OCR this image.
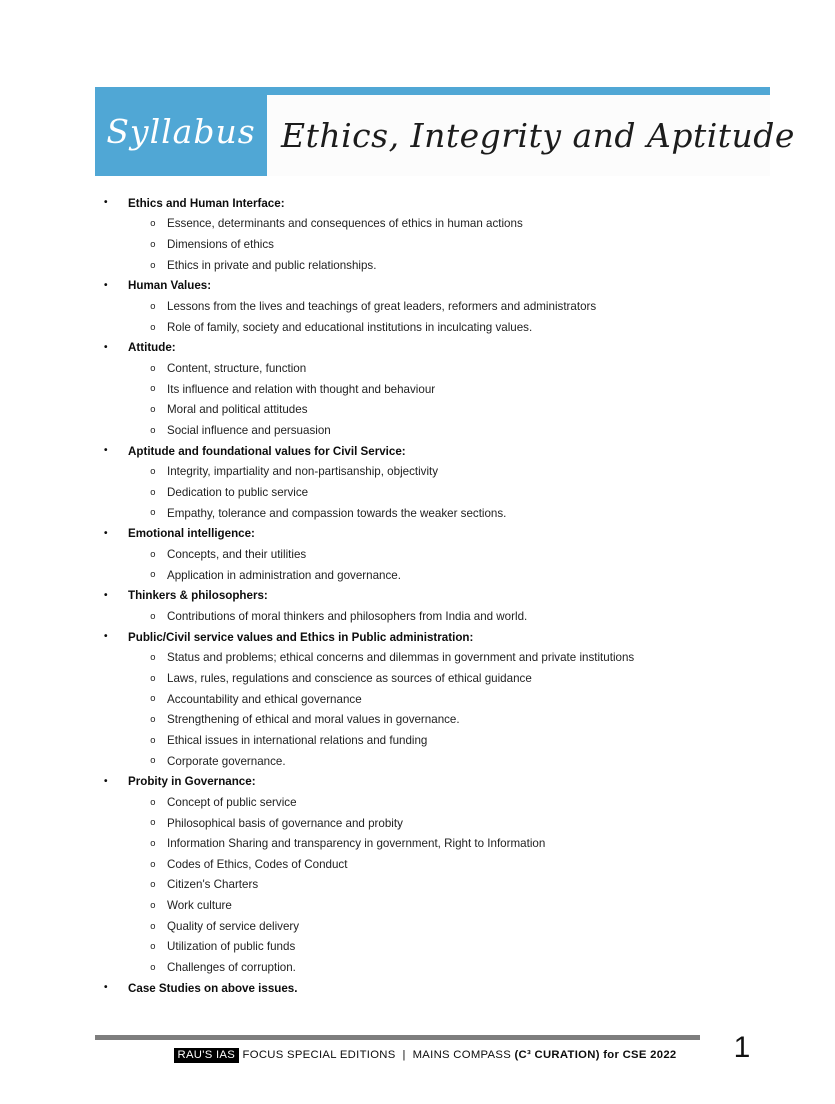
Syllabus Ethics, Integrity and Aptitude
•	Ethics and Human Interface:
o Essence, determinants and consequences of ethics in human actions
o Dimensions of ethics
o Ethics in private and public relationships.
•	Human Values:
o Lessons from the lives and teachings of great leaders, reformers and administrators
o Role of family, society and educational institutions in inculcating values.
•	Attitude:
o Content, structure, function
o Its influence and relation with thought and behaviour
o Moral and political attitudes
o Social influence and persuasion
•	Aptitude and foundational values for Civil Service:
o Integrity, impartiality and non-partisanship, objectivity
o Dedication to public service
o Empathy, tolerance and compassion towards the weaker sections.
•	Emotional intelligence:
o Concepts, and their utilities
o Application in administration and governance.
•	Thinkers & philosophers:
o Contributions of moral thinkers and philosophers from India and world.
•	Public/Civil service values and Ethics in Public administration:
o Status and problems; ethical concerns and dilemmas in government and private institutions
o Laws, rules, regulations and conscience as sources of ethical guidance
o Accountability and ethical governance
o Strengthening of ethical and moral values in governance.
o Ethical issues in international relations and funding
o Corporate governance.
•	Probity in Governance:
o Concept of public service
o Philosophical basis of governance and probity
o Information Sharing and transparency in government, Right to Information
o Codes of Ethics, Codes of Conduct
o Citizen's Charters
o Work culture
o Quality of service delivery
o Utilization of public funds
o Challenges of corruption.
•	Case Studies on above issues.
RAU'S IAS FOCUS SPECIAL EDITIONS  |  MAINS COMPASS (C³ CURATION) for CSE 2022	1
